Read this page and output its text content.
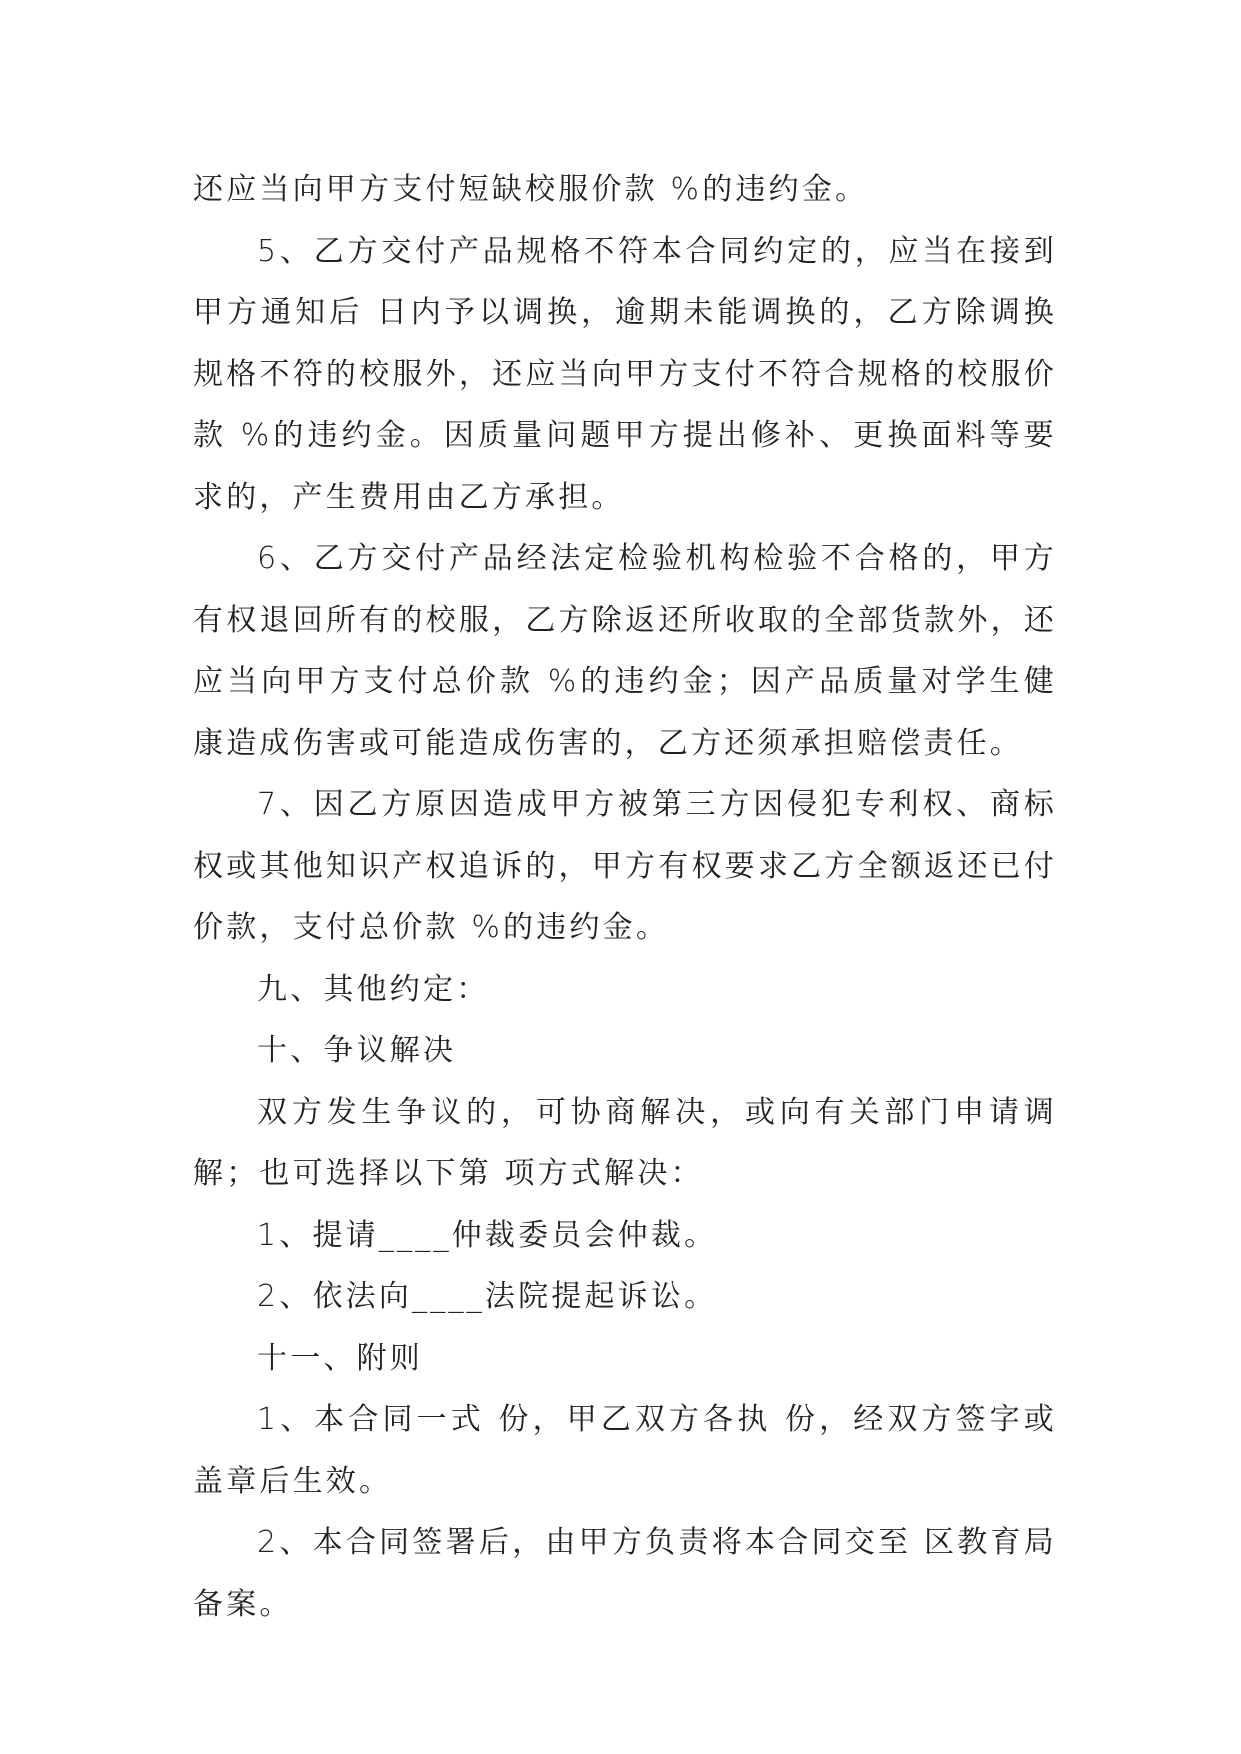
还应当向甲方支付短缺校服价款 %的违约金。

5、乙方交付产品规格不符本合同约定的，应当在接到甲方通知后 日内予以调换，逾期未能调换的，乙方除调换规格不符的校服外，还应当向甲方支付不符合规格的校服价款 %的违约金。因质量问题甲方提出修补、更换面料等要求的，产生费用由乙方承担。

6、乙方交付产品经法定检验机构检验不合格的，甲方有权退回所有的校服，乙方除返还所收取的全部货款外，还应当向甲方支付总价款 %的违约金；因产品质量对学生健康造成伤害或可能造成伤害的，乙方还须承担赔偿责任。

7、因乙方原因造成甲方被第三方因侵犯专利权、商标权或其他知识产权追诉的，甲方有权要求乙方全额返还已付价款，支付总价款 %的违约金。

九、其他约定：

十、争议解决

双方发生争议的，可协商解决，或向有关部门申请调解；也可选择以下第 项方式解决：

1、提请____仲裁委员会仲裁。

2、依法向____法院提起诉讼。

十一、附则

1、本合同一式 份，甲乙双方各执 份，经双方签字或盖章后生效。

2、本合同签署后，由甲方负责将本合同交至 区教育局备案。
